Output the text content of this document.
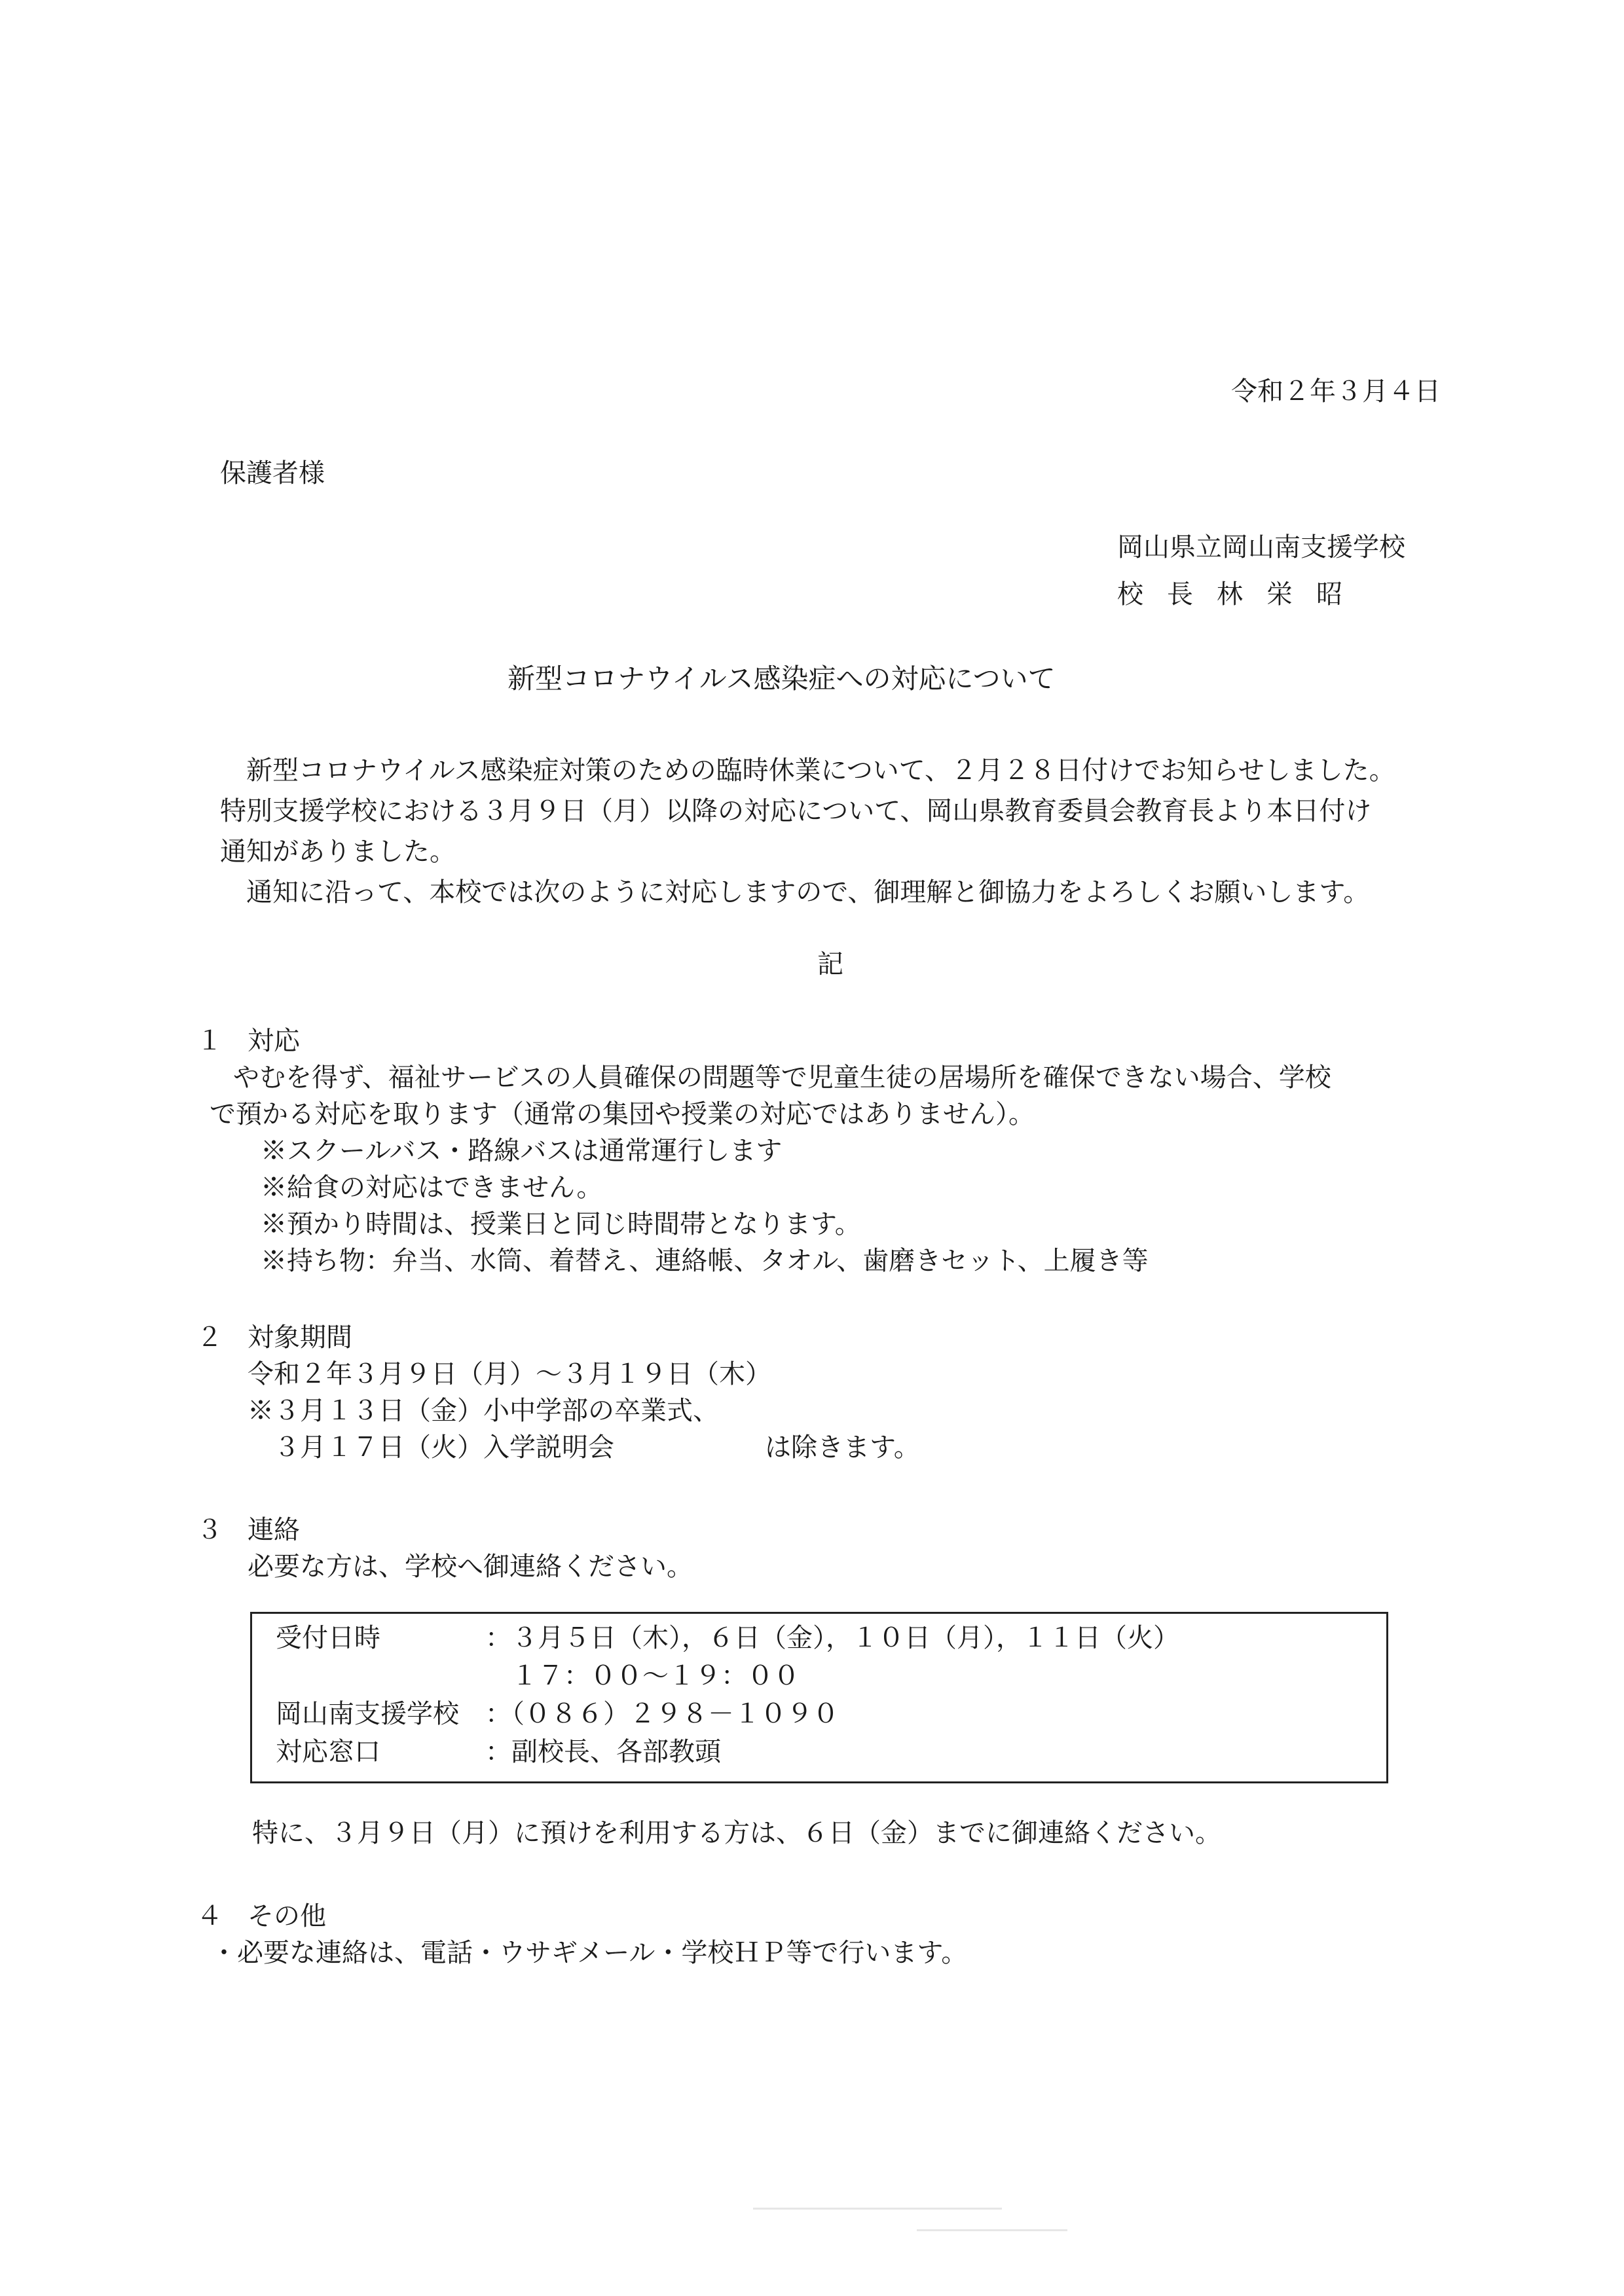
令和２年３月４日
保護者様
岡山県立岡山南支援学校
校長林栄昭
新型コロナウイルス感染症への対応について

新型コロナウイルス感染症対策のための臨時休業について、２月２８日付けでお知らせしました。

特別支援学校における３月９日（月）以降の対応について、岡山県教育委員会教育長より本日付け

通知がありました。

通知に沿って、本校では次のように対応しますので、御理解と御協力をよろしくお願いします。

記
１ 対応

やむを得ず、福祉サービスの人員確保の問題等で児童生徒の居場所を確保できない場合、学校

で預かる対応を取ります（通常の集団や授業の対応ではありません）。

※スクールバス・路線バスは通常運行します

※給食の対応はできません。

※預かり時間は、授業日と同じ時間帯となります。

※持ち物：弁当、水筒、着替え、連絡帳、タオル、歯磨きセット、上履き等

２ 対象期間

令和２年３月９日（月）～３月１９日（木）

※３月１３日（金）小中学部の卒業式、

３月１７日（火）入学説明会	は除きます。

３ 連絡

必要な方は、学校へ御連絡ください。

受付日時	：３月５日（木），６日（金），１０日（月），１１日（火）
１７：００～１９：００
岡山南支援学校	：（０８６）２９８－１０９０
対応窓口	：副校長、各部教頭
特に、３月９日（月）に預けを利用する方は、６日（金）までに御連絡ください。
４ その他

・必要な連絡は、電話・ウサギメール・学校ＨＰ等で行います。
